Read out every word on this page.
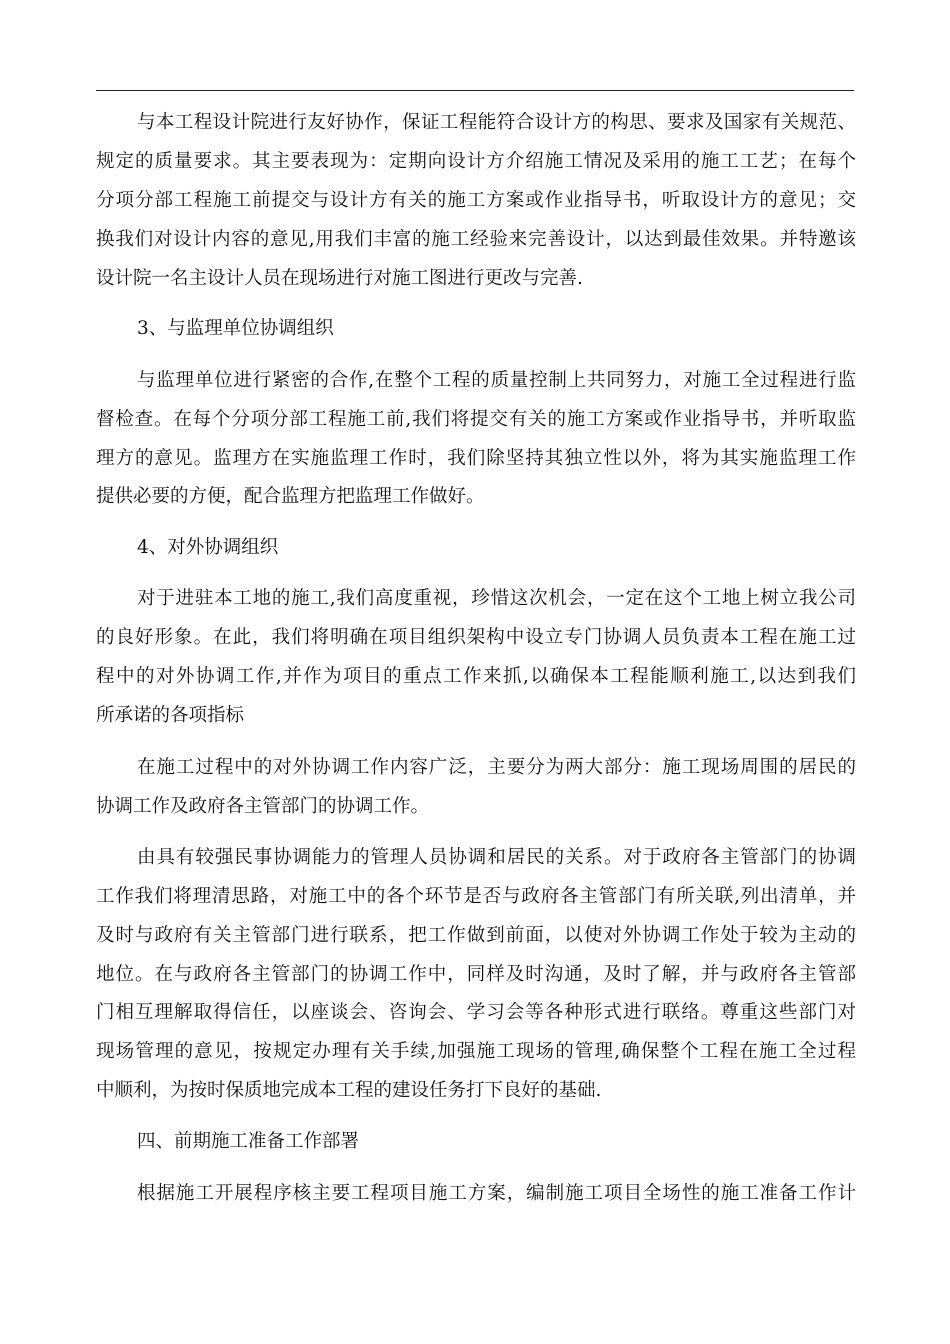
与本工程设计院进行友好协作，保证工程能符合设计方的构思、要求及国家有关规范、
规定的质量要求。其主要表现为：定期向设计方介绍施工情况及采用的施工工艺；在每个
分项分部工程施工前提交与设计方有关的施工方案或作业指导书，听取设计方的意见；交
换我们对设计内容的意见,用我们丰富的施工经验来完善设计，以达到最佳效果。并特邀该
设计院一名主设计人员在现场进行对施工图进行更改与完善.
3、与监理单位协调组织
与监理单位进行紧密的合作,在整个工程的质量控制上共同努力，对施工全过程进行监
督检查。在每个分项分部工程施工前,我们将提交有关的施工方案或作业指导书，并听取监
理方的意见。监理方在实施监理工作时，我们除坚持其独立性以外，将为其实施监理工作
提供必要的方便，配合监理方把监理工作做好。
4、对外协调组织
对于进驻本工地的施工,我们高度重视，珍惜这次机会，一定在这个工地上树立我公司
的良好形象。在此，我们将明确在项目组织架构中设立专门协调人员负责本工程在施工过
程中的对外协调工作,并作为项目的重点工作来抓,以确保本工程能顺利施工,以达到我们
所承诺的各项指标
在施工过程中的对外协调工作内容广泛，主要分为两大部分：施工现场周围的居民的
协调工作及政府各主管部门的协调工作。
由具有较强民事协调能力的管理人员协调和居民的关系。对于政府各主管部门的协调
工作我们将理清思路，对施工中的各个环节是否与政府各主管部门有所关联,列出清单，并
及时与政府有关主管部门进行联系，把工作做到前面，以使对外协调工作处于较为主动的
地位。在与政府各主管部门的协调工作中，同样及时沟通，及时了解，并与政府各主管部
门相互理解取得信任，以座谈会、咨询会、学习会等各种形式进行联络。尊重这些部门对
现场管理的意见，按规定办理有关手续,加强施工现场的管理,确保整个工程在施工全过程
中顺利，为按时保质地完成本工程的建设任务打下良好的基础.
四、前期施工准备工作部署
根据施工开展程序核主要工程项目施工方案，编制施工项目全场性的施工准备工作计
